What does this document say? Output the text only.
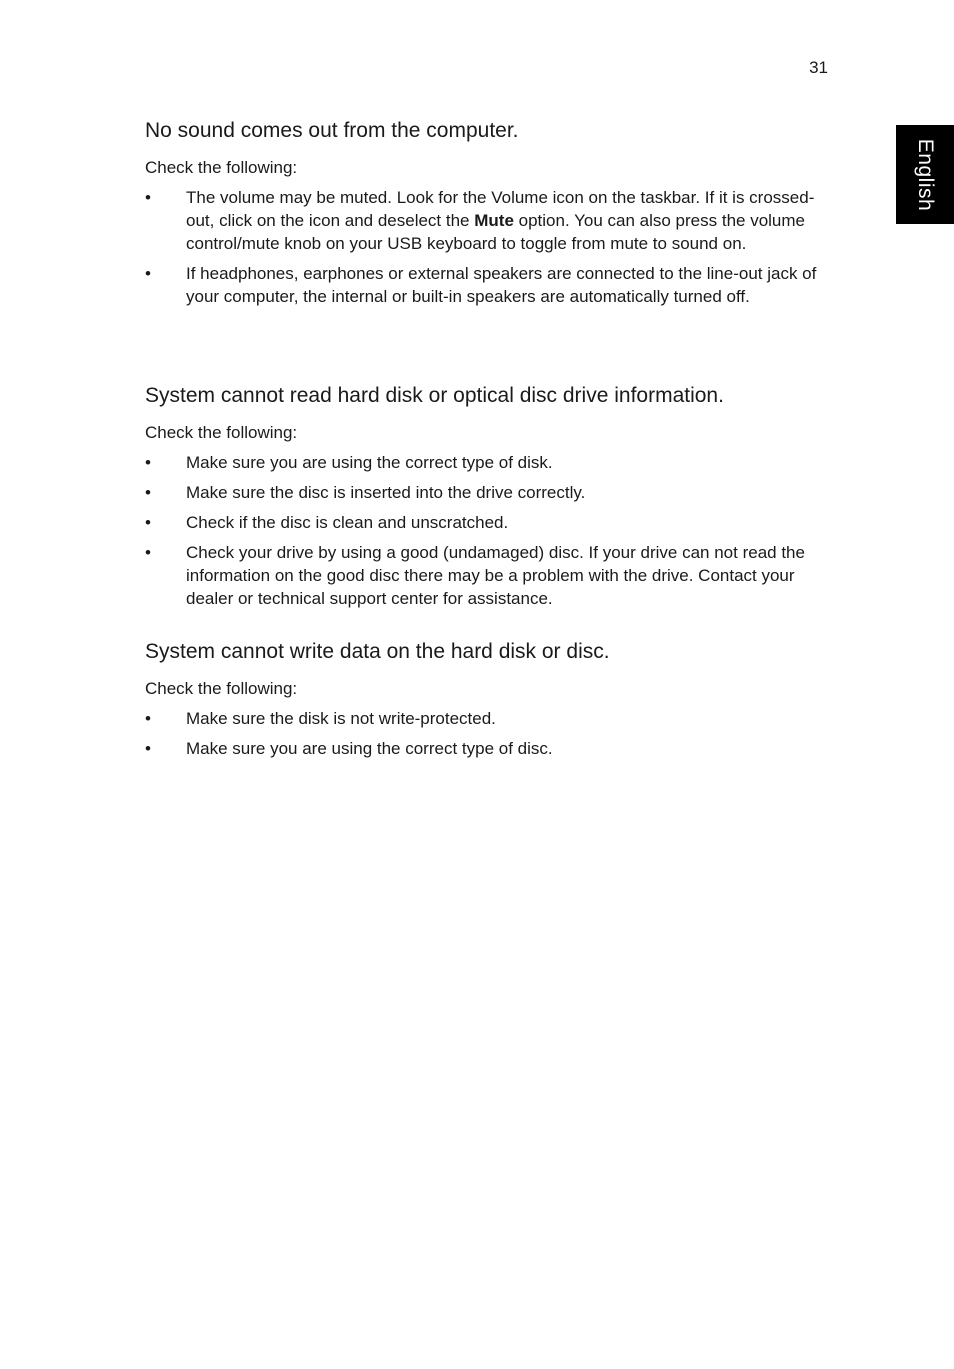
31
English
No sound comes out from the computer.

Check the following:

• The volume may be muted. Look for the Volume icon on the taskbar. If it is crossed-out, click on the icon and deselect the Mute option. You can also press the volume control/mute knob on your USB keyboard to toggle from mute to sound on.
• If headphones, earphones or external speakers are connected to the line-out jack of your computer, the internal or built-in speakers are automatically turned off.
System cannot read hard disk or optical disc drive information.

Check the following:

• Make sure you are using the correct type of disk.
• Make sure the disc is inserted into the drive correctly.
• Check if the disc is clean and unscratched.
• Check your drive by using a good (undamaged) disc. If your drive can not read the information on the good disc there may be a problem with the drive. Contact your dealer or technical support center for assistance.
System cannot write data on the hard disk or disc.

Check the following:

• Make sure the disk is not write-protected.
• Make sure you are using the correct type of disc.
